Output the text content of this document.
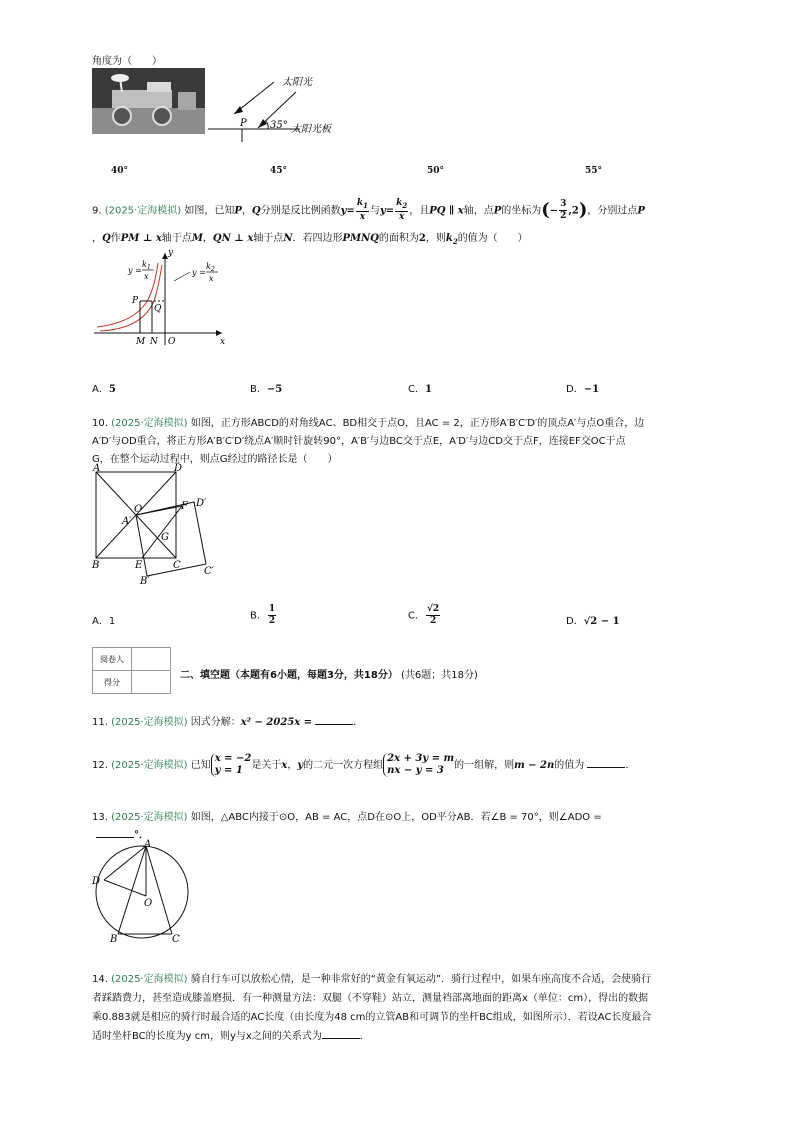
角度为（　　）
P 35°
太阳光
太阳光板
40°	45°	50°	55°
9. (2025·定海模拟) 如图，已知P，Q分别是反比例函数$y= \frac{k_1}{x}$ 与$y= \frac{k_2}{x}$ ，且PQ ∥ x轴，点P的坐标为(− $\frac{3}{2} ,2$)，分别过点P
，Q作PM ⊥ x轴于点M，QN ⊥ x轴于点N．若四边形PMNQ的面积为2，则$k_2$的值为（　　）
y =
k 1
x	y =
k 2
x
y
x
P
Q
M N O
A．5	B．−5	C．1	D．−1
10. (2025·定海模拟) 如图，正方形ABCD的对角线AC、BD相交于点O，且AC = 2，正方形A′B′C′D′的顶点A′与点O重合，边
A′D′与OD重合，将正方形A′B′C′D′绕点A′顺时针旋转90°，A′B′与边BC交于点E，A′D′与边CD交于点F，连接EF交OC于点
G，在整个运动过程中，则点G经过的路径长是（　　）
A	D
B	C
O
A′
F D′
G
E
B′
C′
A．1	B． $\frac{1}{2}$	C． $\frac{√2}{2}$	D．√2 − 1
阅卷人	
得分	
二、填空题（本题有6小题，每题3分，共18分） (共6题；共18分)
11. (2025·定海模拟) 因式分解：x² − 2025x =	．
12. (2025·定海模拟) 已知
x = −2
y = 1 是关于x，y的二元一次方程组
2x + 3y = m
nx − y = 3	的一组解，则m − 2n的值为	．
13. (2025·定海模拟) 如图，△ABC内接于⊙O，AB = AC，点D在⊙O上，OD平分AB．若∠B = 70°，则∠ADO =
°．
A
D
O
B	C
14. (2025·定海模拟) 骑自行车可以放松心情，是一种非常好的“黄金有氧运动”．骑行过程中，如果车座高度不合适，会使骑行
者踩踏费力，甚至造成膝盖磨损．有一种测量方法：双腿（不穿鞋）站立，测量裆部离地面的距离x（单位：cm），得出的数据
乘0.883就是相应的骑行时最合适的AC长度（由长度为48 cm的立管AB和可调节的坐杆BC组成，如图所示）．若设AC长度最合
适时坐杆BC的长度为y cm，则y与x之间的关系式为	．
